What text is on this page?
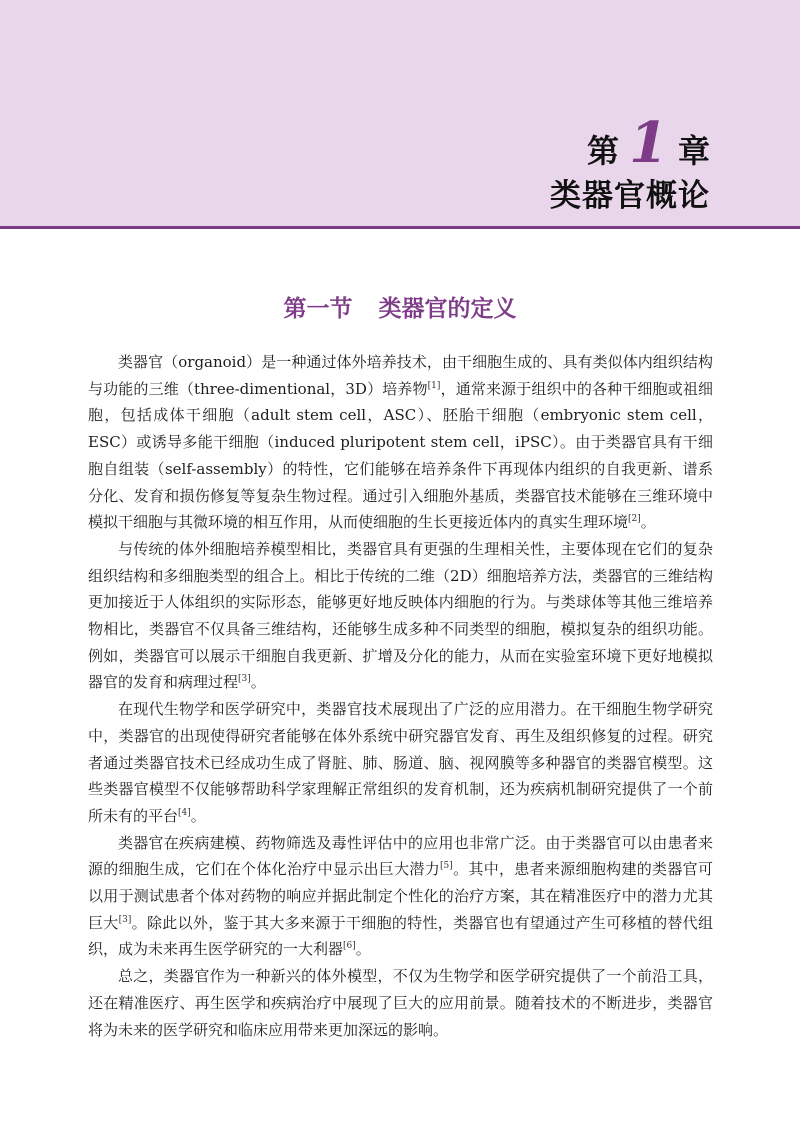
第 1 章
类器官概论
第一节 类器官的定义

类器官（organoid）是一种通过体外培养技术，由干细胞生成的、具有类似体内组织结构与功能的三维（three-dimentional，3D）培养物[1]，通常来源于组织中的各种干细胞或祖细胞，包括成体干细胞（adult stem cell，ASC）、胚胎干细胞（embryonic stem cell，ESC）或诱导多能干细胞（induced pluripotent stem cell，iPSC）。由于类器官具有干细胞自组装（self-assembly）的特性，它们能够在培养条件下再现体内组织的自我更新、谱系分化、发育和损伤修复等复杂生物过程。通过引入细胞外基质，类器官技术能够在三维环境中模拟干细胞与其微环境的相互作用，从而使细胞的生长更接近体内的真实生理环境[2]。

与传统的体外细胞培养模型相比，类器官具有更强的生理相关性，主要体现在它们的复杂组织结构和多细胞类型的组合上。相比于传统的二维（2D）细胞培养方法，类器官的三维结构更加接近于人体组织的实际形态，能够更好地反映体内细胞的行为。与类球体等其他三维培养物相比，类器官不仅具备三维结构，还能够生成多种不同类型的细胞，模拟复杂的组织功能。例如，类器官可以展示干细胞自我更新、扩增及分化的能力，从而在实验室环境下更好地模拟器官的发育和病理过程[3]。

在现代生物学和医学研究中，类器官技术展现出了广泛的应用潜力。在干细胞生物学研究中，类器官的出现使得研究者能够在体外系统中研究器官发育、再生及组织修复的过程。研究者通过类器官技术已经成功生成了肾脏、肺、肠道、脑、视网膜等多种器官的类器官模型。这些类器官模型不仅能够帮助科学家理解正常组织的发育机制，还为疾病机制研究提供了一个前所未有的平台[4]。

类器官在疾病建模、药物筛选及毒性评估中的应用也非常广泛。由于类器官可以由患者来源的细胞生成，它们在个体化治疗中显示出巨大潜力[5]。其中，患者来源细胞构建的类器官可以用于测试患者个体对药物的响应并据此制定个性化的治疗方案，其在精准医疗中的潜力尤其巨大[3]。除此以外，鉴于其大多来源于干细胞的特性，类器官也有望通过产生可移植的替代组织，成为未来再生医学研究的一大利器[6]。

总之，类器官作为一种新兴的体外模型，不仅为生物学和医学研究提供了一个前沿工具，还在精准医疗、再生医学和疾病治疗中展现了巨大的应用前景。随着技术的不断进步，类器官将为未来的医学研究和临床应用带来更加深远的影响。
